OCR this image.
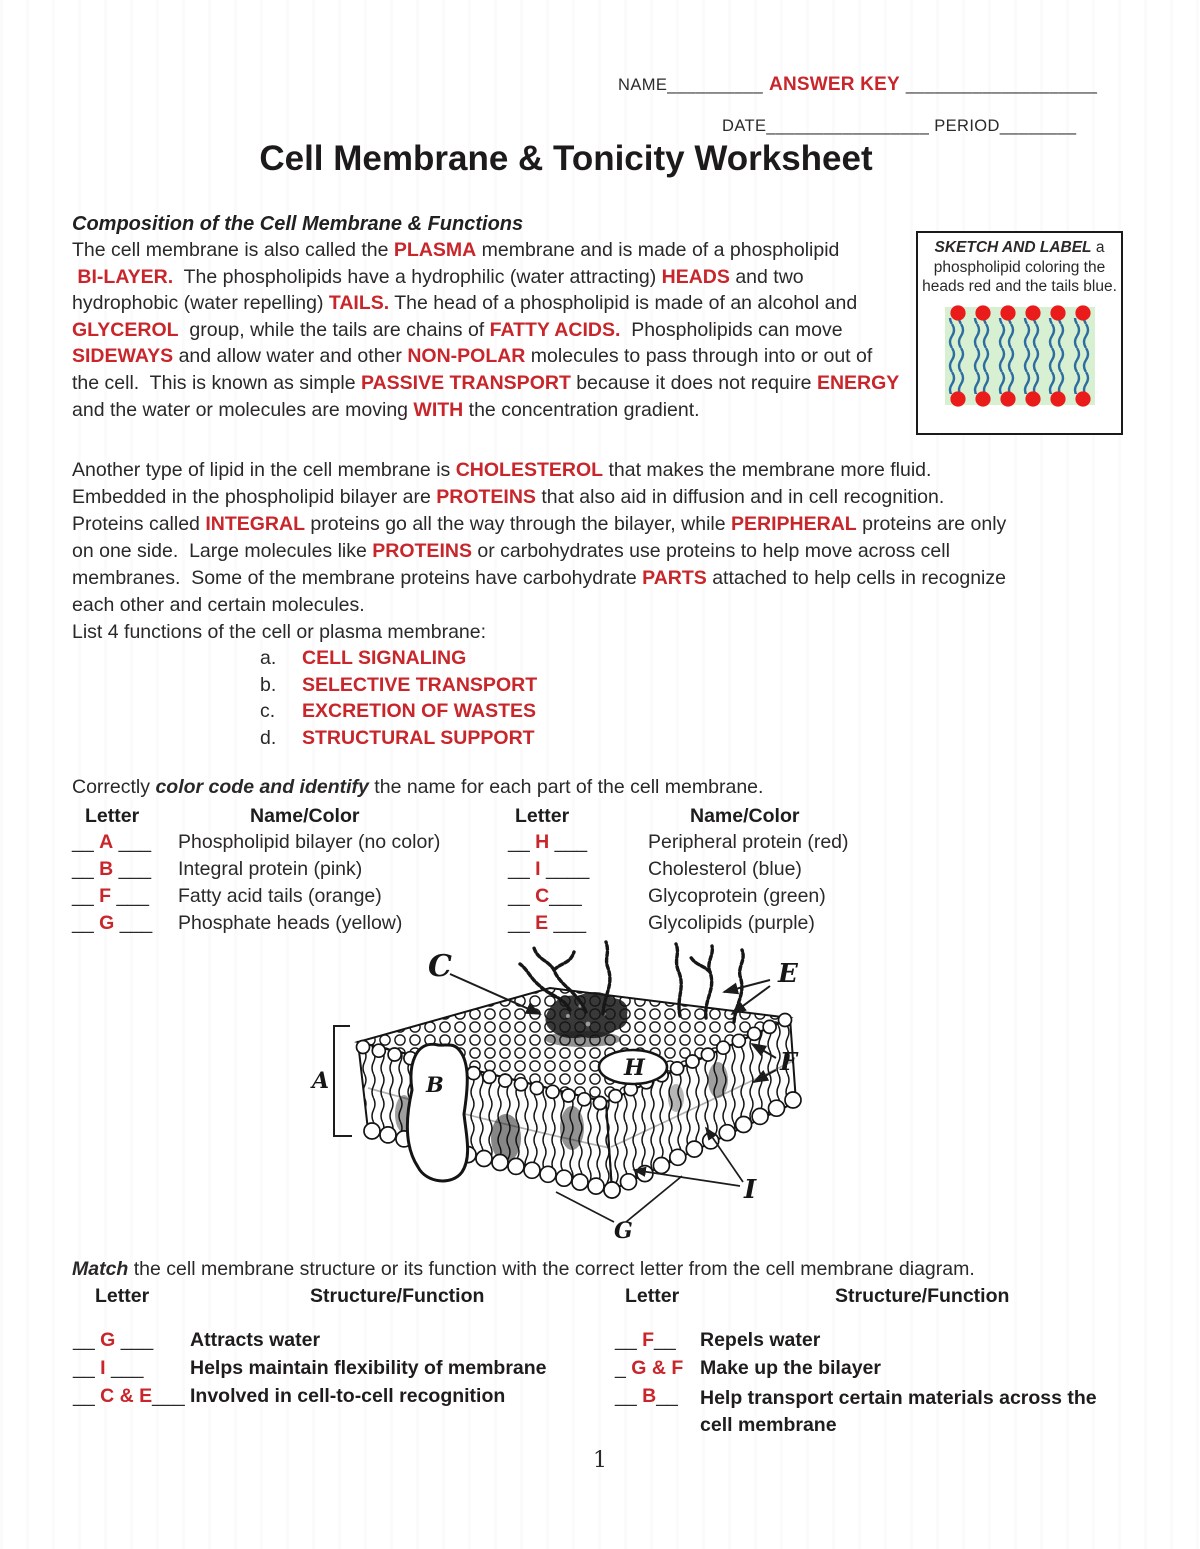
NAME__________ ANSWER KEY ____________________
DATE_________________ PERIOD________
Cell Membrane & Tonicity Worksheet
Composition of the Cell Membrane & Functions
The cell membrane is also called the PLASMA membrane and is made of a phospholipid
BI-LAYER.  The phospholipids have a hydrophilic (water attracting) HEADS and two
hydrophobic (water repelling) TAILS. The head of a phospholipid is made of an alcohol and
GLYCEROL  group, while the tails are chains of FATTY ACIDS.  Phospholipids can move
SIDEWAYS and allow water and other NON-POLAR molecules to pass through into or out of
the cell.  This is known as simple PASSIVE TRANSPORT because it does not require ENERGY
and the water or molecules are moving WITH the concentration gradient.
SKETCH AND LABEL a phospholipid coloring the heads red and the tails blue.
Another type of lipid in the cell membrane is CHOLESTEROL that makes the membrane more fluid.
Embedded in the phospholipid bilayer are PROTEINS that also aid in diffusion and in cell recognition.
Proteins called INTEGRAL proteins go all the way through the bilayer, while PERIPHERAL proteins are only
on one side.  Large molecules like PROTEINS or carbohydrates use proteins to help move across cell
membranes.  Some of the membrane proteins have carbohydrate PARTS attached to help cells in recognize
each other and certain molecules.
List 4 functions of the cell or plasma membrane:
a. CELL SIGNALING
b. SELECTIVE TRANSPORT
c. EXCRETION OF WASTES
d. STRUCTURAL SUPPORT
Correctly color code and identify the name for each part of the cell membrane.
Letter	Name/Color	Letter	Name/Color
__ A ___ Phospholipid bilayer (no color)	__ H ___	Peripheral protein (red)
__ B ___ Integral protein (pink)	__ I ____	Cholesterol (blue)
__ F ___ Fatty acid tails (orange)	__ C___	Glycoprotein (green)
__ G ___ Phosphate heads (yellow)	__ E ___	Glycolipids (purple)
C	E
A	B
H	F
I
G
Match the cell membrane structure or its function with the correct letter from the cell membrane diagram.
Letter	Structure/Function	Letter	Structure/Function
__ G ___ Attracts water	__ F__ Repels water
__ I ___ Helps maintain flexibility of membrane	_ G & F Make up the bilayer
__ C & E___ Involved in cell-to-cell recognition	__ B__ Help transport certain materials across the cell membrane
1
